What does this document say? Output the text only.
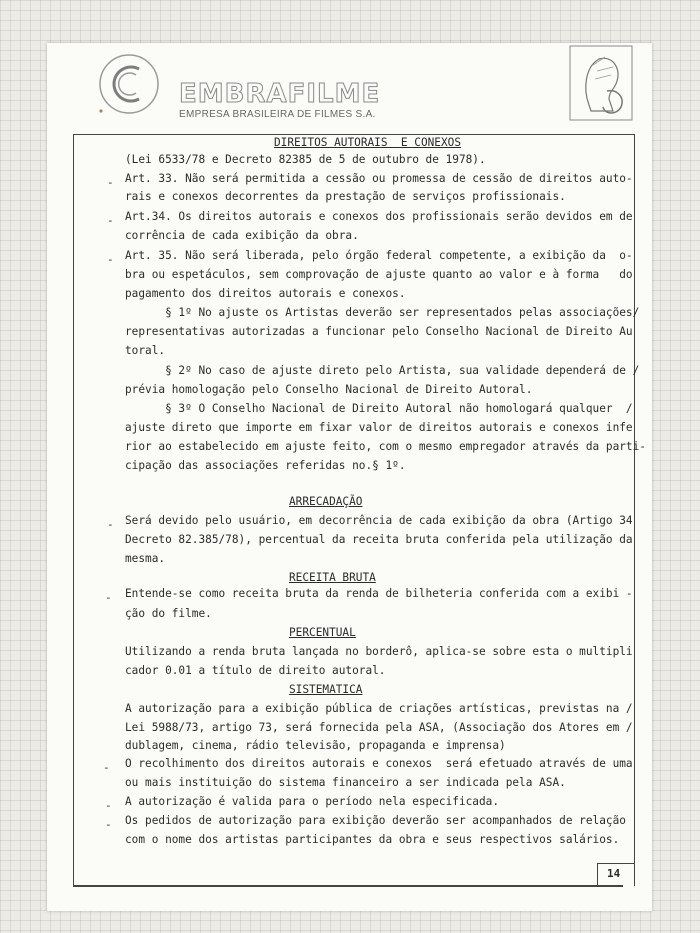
EMBRAFILME
EMPRESA BRASILEIRA DE FILMES S.A.
14
DIREITOS AUTORAIS  E CONEXOS
(Lei 6533/78 e Decreto 82385 de 5 de outubro de 1978).
- Art. 33. Não será permitida a cessão ou promessa de cessão de direitos auto-
rais e conexos decorrentes da prestação de serviços profissionais.
- Art.34. Os direitos autorais e conexos dos profissionais serão devidos em de
corrência de cada exibição da obra.
- Art. 35. Não será liberada, pelo órgão federal competente, a exibição da  o-
bra ou espetáculos, sem comprovação de ajuste quanto ao valor e à forma   do
pagamento dos direitos autorais e conexos.
§ 1º No ajuste os Artistas deverão ser representados pelas associações/
representativas autorizadas a funcionar pelo Conselho Nacional de Direito Au
toral.
§ 2º No caso de ajuste direto pelo Artista, sua validade dependerá de /
prévia homologação pelo Conselho Nacional de Direito Autoral.
§ 3º O Conselho Nacional de Direito Autoral não homologará qualquer  /
ajuste direto que importe em fixar valor de direitos autorais e conexos infe
rior ao estabelecido em ajuste feito, com o mesmo empregador através da parti-
cipação das associações referidas no.§ 1º.
ARRECADAÇÃO
- Será devido pelo usuário, em decorrência de cada exibição da obra (Artigo 34
Decreto 82.385/78), percentual da receita bruta conferida pela utilização da
mesma.
RECEITA BRUTA
- Entende-se como receita bruta da renda de bilheteria conferida com a exibi -
ção do filme.
PERCENTUAL
Utilizando a renda bruta lançada no borderô, aplica-se sobre esta o multipli
cador 0.01 a título de direito autoral.
SISTEMATICA
A autorização para a exibição pública de criações artísticas, previstas na /
Lei 5988/73, artigo 73, será fornecida pela ASA, (Associação dos Atores em /
dublagem, cinema, rádio televisão, propaganda e imprensa)
- O recolhimento dos direitos autorais e conexos  será efetuado através de uma
ou mais instituição do sistema financeiro a ser indicada pela ASA.
- A autorização é valida para o período nela especificada.
- Os pedidos de autorização para exibição deverão ser acompanhados de relação
com o nome dos artistas participantes da obra e seus respectivos salários.
